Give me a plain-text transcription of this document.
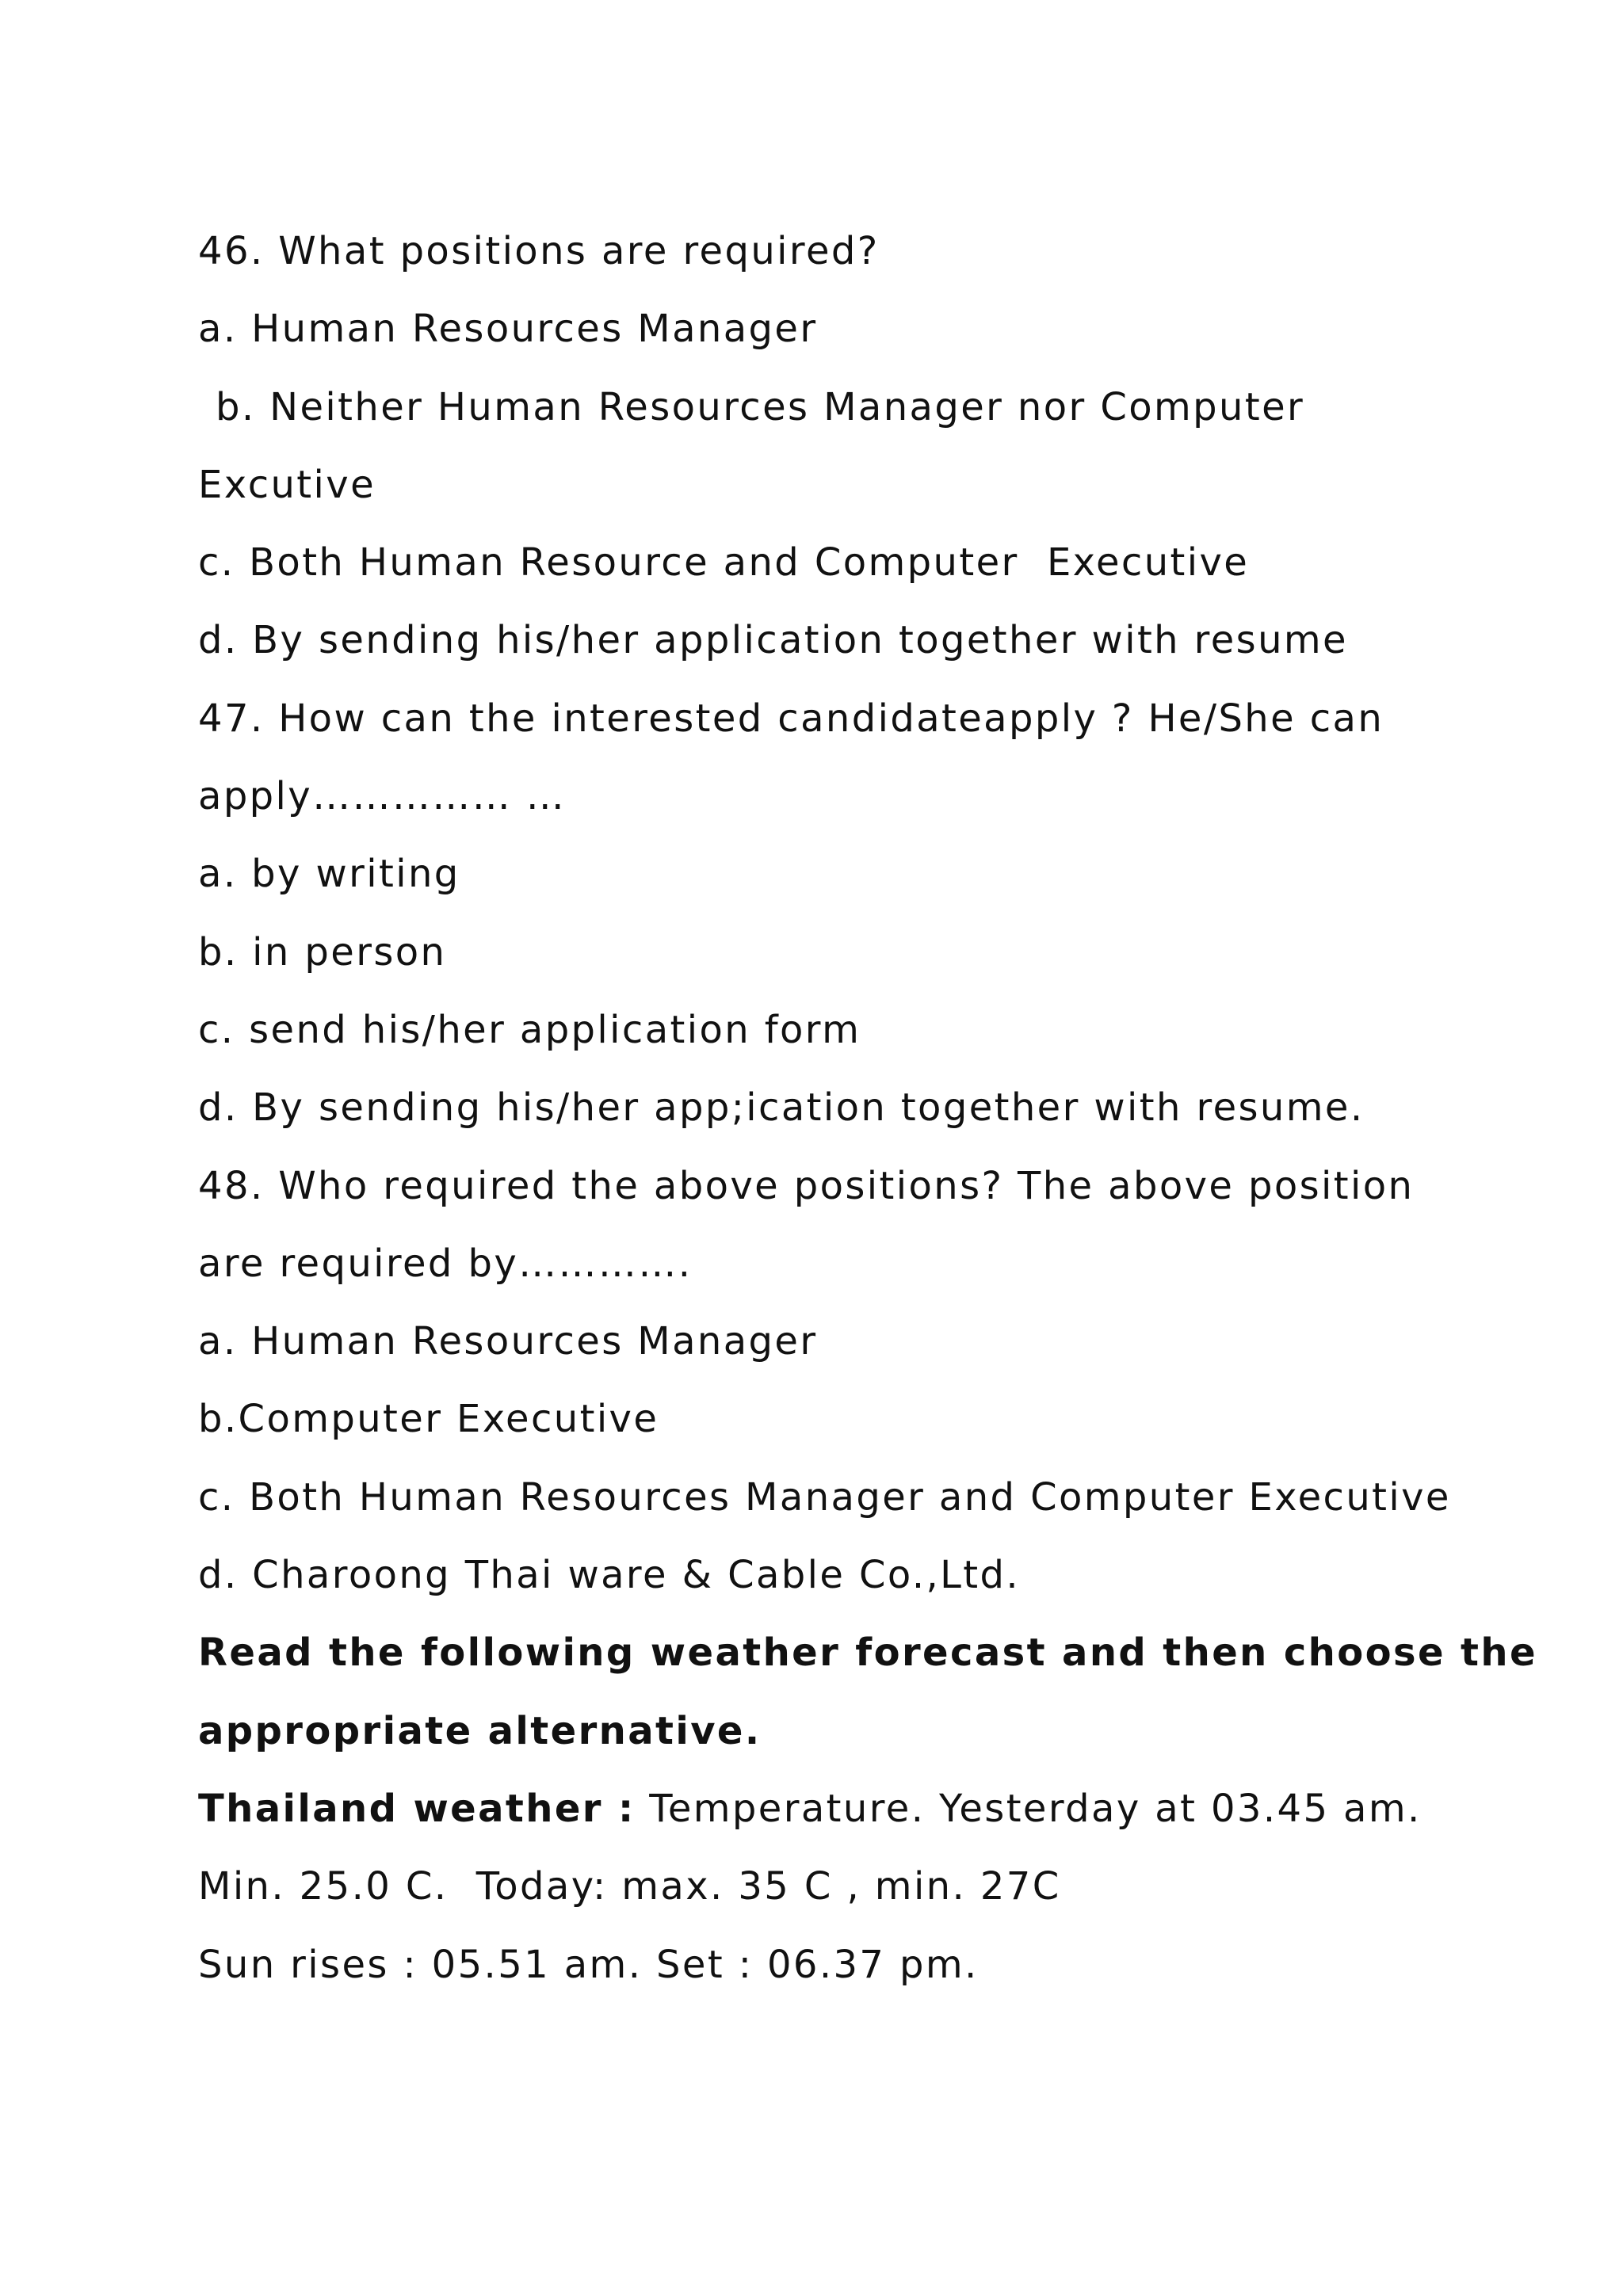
46. What positions are required?
a. Human Resources Manager
b. Neither Human Resources Manager nor Computer
Excutive
c. Both Human Resource and Computer  Executive
d. By sending his/her application together with resume
47. How can the interested candidateapply ? He/She can
apply…………… …
a. by writing
b. in person
c. send his/her application form
d. By sending his/her app;ication together with resume.
48. Who required the above positions? The above position
are required by………….
a. Human Resources Manager
b.Computer Executive
c. Both Human Resources Manager and Computer Executive
d. Charoong Thai ware & Cable Co.,Ltd.
Read the following weather forecast and then choose the
appropriate alternative.
Thailand weather : Temperature. Yesterday at 03.45 am.
Min. 25.0 C.  Today: max. 35 C , min. 27C
Sun rises : 05.51 am. Set : 06.37 pm.
